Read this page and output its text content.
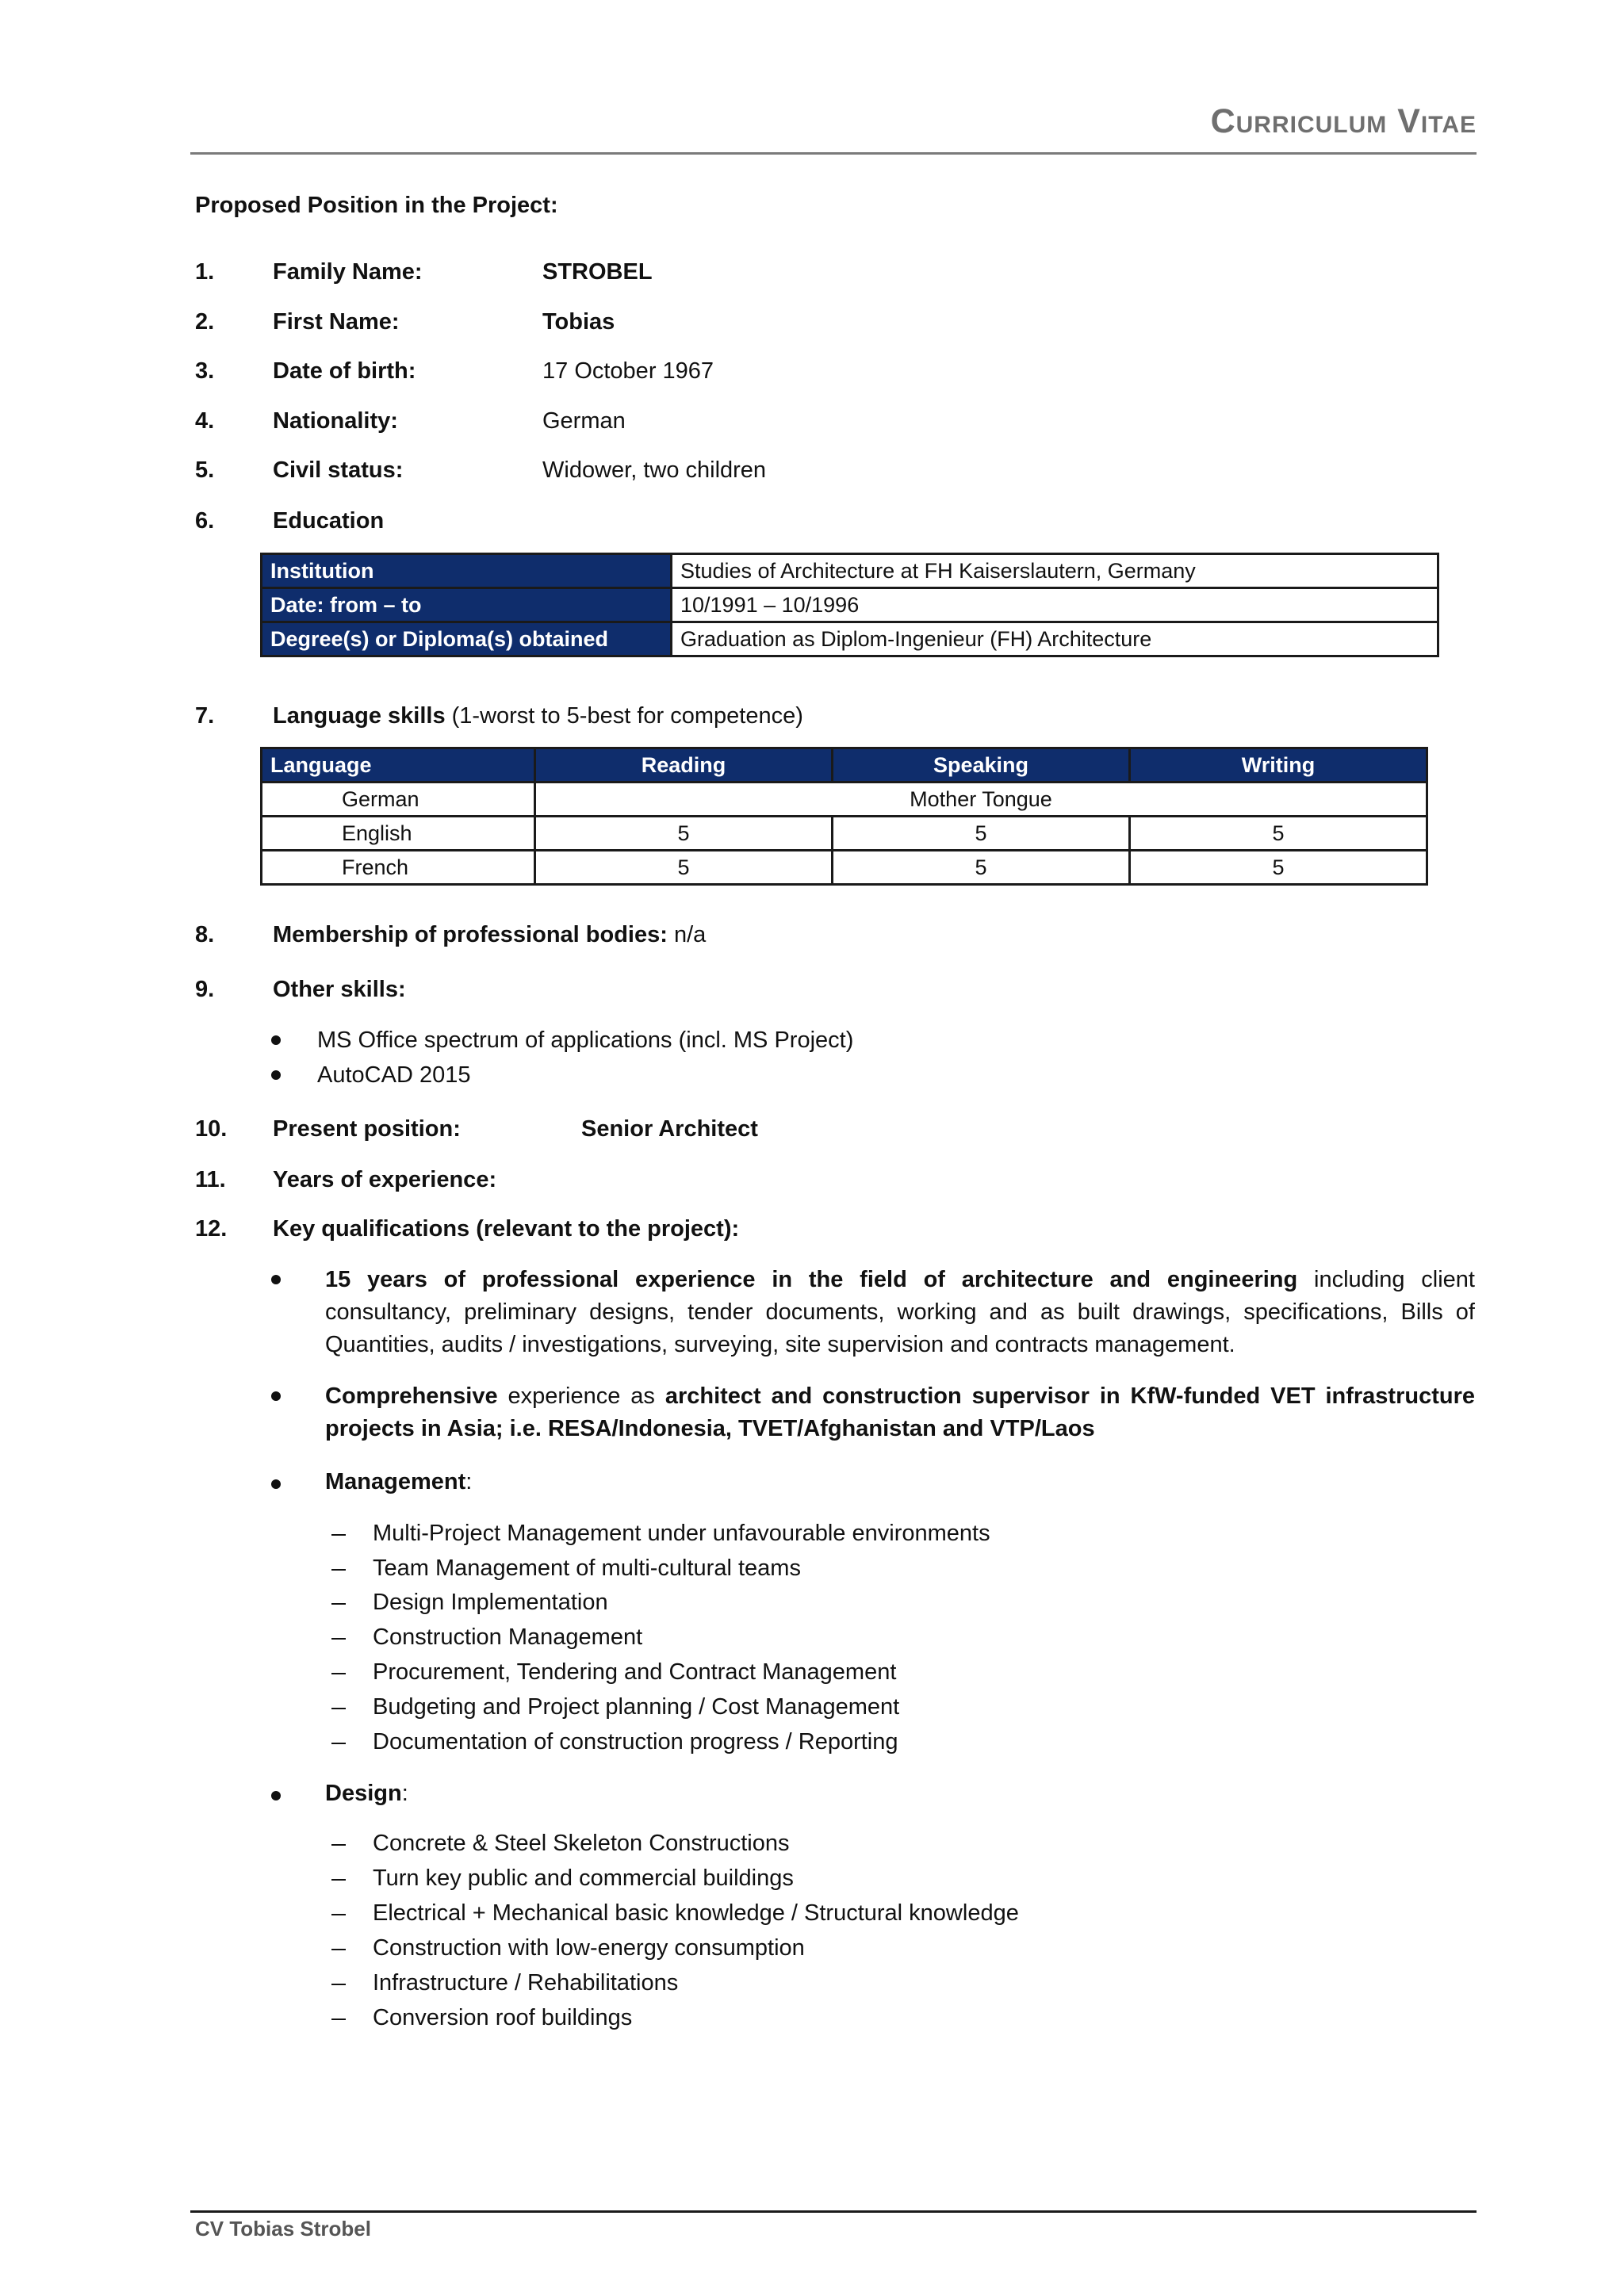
Curriculum Vitae
Proposed Position in the Project:
1.	Family Name:	STROBEL
2.	First Name:	Tobias
3.	Date of birth:	17 October 1967
4.	Nationality:	German
5.	Civil status:	Widower, two children
6.	Education
Institution	Studies of Architecture at FH Kaiserslautern, Germany
Date: from – to	10/1991 – 10/1996
Degree(s) or Diploma(s) obtained	Graduation as Diplom-Ingenieur (FH) Architecture
7.	Language skills (1-worst to 5-best for competence)
Language	Reading	Speaking	Writing
German	Mother Tongue		
English	5	5	5
French	5	5	5
8.	Membership of professional bodies: n/a
9.	Other skills:
MS Office spectrum of applications (incl. MS Project)
AutoCAD 2015
10. Present position:	Senior Architect
11. Years of experience:
12. Key qualifications (relevant to the project):
15 years of professional experience in the field of architecture and engineering including client consultancy, preliminary designs, tender documents, working and as built drawings, specifications, Bills of Quantities, audits / investigations, surveying, site supervision and contracts management.
Comprehensive experience as architect and construction supervisor in KfW-funded VET infrastructure projects in Asia; i.e. RESA/Indonesia, TVET/Afghanistan and VTP/Laos
Management:
Multi-Project Management under unfavourable environments
Team Management of multi-cultural teams
Design Implementation
Construction Management
Procurement, Tendering and Contract Management
Budgeting and Project planning / Cost Management
Documentation of construction progress / Reporting
Design:
Concrete & Steel Skeleton Constructions
Turn key public and commercial buildings
Electrical + Mechanical basic knowledge / Structural knowledge
Construction with low-energy consumption
Infrastructure / Rehabilitations
Conversion roof buildings
CV Tobias Strobel
